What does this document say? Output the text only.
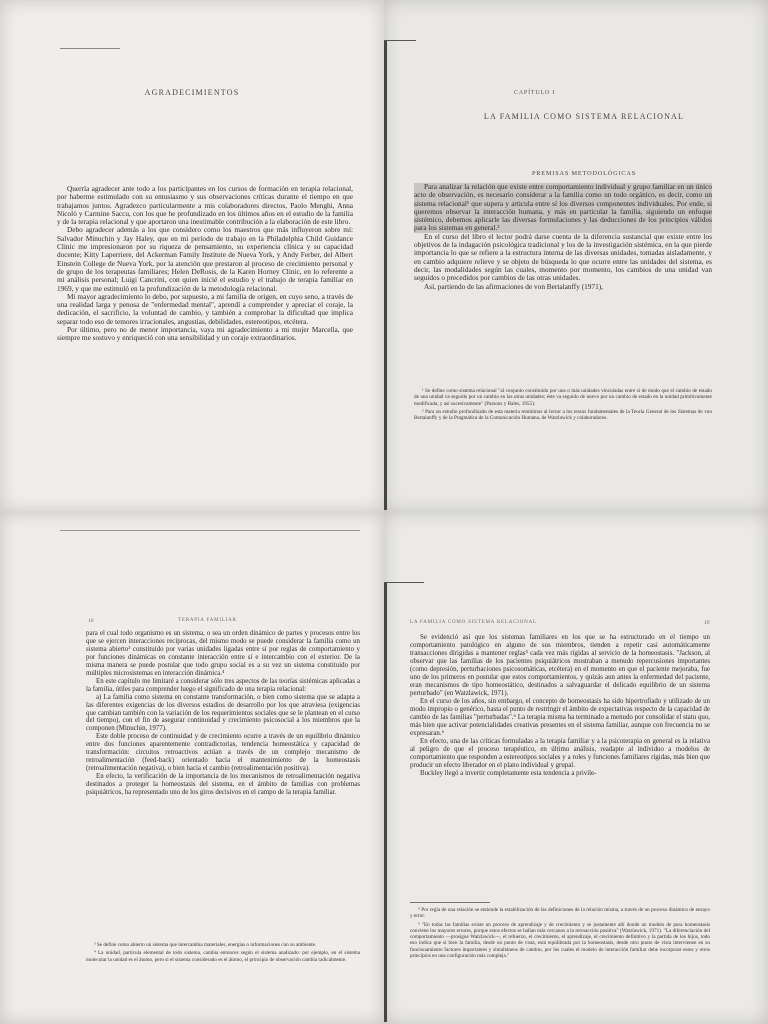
AGRADECIMIENTOS

Querría agradecer ante todo a los participantes en los cursos de formación en terapia relacional, por haberme estimulado con su entusiasmo y sus observaciones críticas durante el tiempo en que trabajamos juntos. Agradezco particularmente a mis colaboradores directos, Paolo Menghi, Anna Nicolò y Carmine Saccu, con los que he profundizado en los últimos años en el estudio de la familia y de la terapia relacional y que aportaron una inestimable contribución a la elaboración de este libro.

Debo agradecer además a los que considero como los maestros que más influyeron sobre mí: Salvador Minuchin y Jay Haley, que en mi período de trabajo en la Philadelphia Child Guidance Clinic me impresionaron por su riqueza de pensamiento, su experiencia clínica y su capacidad docente; Kitty Laperriere, del Ackerman Family Institute de Nueva York, y Andy Ferber, del Albert Einstein College de Nueva York, por la atención que prestaron al proceso de crecimiento personal y de grupo de los terapeutas familiares; Helen DeRosis, de la Karen Horney Clinic, en lo referente a mi análisis personal; Luigi Cancrini, con quien inicié el estudio y el trabajo de terapia familiar en 1969, y que me estimuló en la profundización de la metodología relacional.

Mi mayor agradecimiento lo debo, por supuesto, a mi familia de origen, en cuyo seno, a través de una realidad larga y penosa de "enfermedad mental", aprendí a comprender y apreciar el coraje, la dedicación, el sacrificio, la voluntad de cambio, y también a comprobar la dificultad que implica separar todo eso de temores irracionales, angustias, debilidades, estereotipos, etcétera.

Por último, pero no de menor importancia, vaya mi agradecimiento a mi mujer Marcella, que siempre me sostuvo y enriqueció con una sensibilidad y un coraje extraordinarios.

CAPÍTULO I
LA FAMILIA COMO SISTEMA RELACIONAL
PREMISAS METODOLÓGICAS

Para analizar la relación que existe entre comportamiento individual y grupo familiar en un único acto de observación, es necesario considerar a la familia como un todo orgánico, es decir, como un sistema relacional¹ que supera y articula entre sí los diversos componentes individuales. Por ende, si queremos observar la interacción humana, y más en particular la familia, siguiendo un enfoque sistémico, debemos aplicarle las diversas formulaciones y las deducciones de los principios válidos para los sistemas en general.²

En el curso del libro el lector podrá darse cuenta de la diferencia sustancial que existe entre los objetivos de la indagación psicológica tradicional y los de la investigación sistémica, en la que pierde importancia lo que se refiere a la estructura interna de las diversas unidades, tomadas aisladamente, y en cambio adquiere relieve y se objeto de búsqueda lo que ocurre entre las unidades del sistema, es decir, las modalidades según las cuales, momento por momento, los cambios de una unidad van seguidos o precedidos por cambios de las otras unidades.

Así, partiendo de las afirmaciones de von Bertalanffy (1971),

¹ Se define como sistema relacional "al conjunto constituido por una o más unidades vinculadas entre sí de modo que el cambio de estado de una unidad va seguido por un cambio en las otras unidades; éste va seguido de nuevo por un cambio de estado en la unidad primitivamente modificada, y así sucesivamente" (Parsons y Bales, 1955).

² Para un estudio profundizado de esta materia remitimos al lector a los textos fundamentales de la Teoría General de los Sistemas de von Bertalanffy y de la Pragmática de la Comunicación Humana, de Watzlawick y colaboradores.

16	TERAPIA FAMILIAR

para el cual todo organismo es un sistema, o sea un orden dinámico de partes y procesos entre los que se ejercen interacciones recíprocas, del mismo modo se puede considerar la familia como un sistema abierto³ constituido por varias unidades ligadas entre sí por reglas de comportamiento y por funciones dinámicas en constante interacción entre sí e intercambio con el exterior. De la misma manera se puede postular que todo grupo social es a su vez un sistema constituido por múltiples microsistemas en interacción dinámica.⁴

En este capítulo me limitaré a considerar sólo tres aspectos de las teorías sistémicas aplicadas a la familia, útiles para comprender luego el significado de una terapia relacional:

a) La familia como sistema en constante transformación, o bien como sistema que se adapta a las diferentes exigencias de los diversos estadios de desarrollo por los que atraviesa (exigencias que cambian también con la variación de los requerimientos sociales que se le plantean en el curso del tiempo), con el fin de asegurar continuidad y crecimiento psicosocial a los miembros que la componen (Minuchin, 1977).

Este doble proceso de continuidad y de crecimiento ocurre a través de un equilibrio dinámico entre dos funciones aparentemente contradictorias, tendencia homeostática y capacidad de transformación: circuitos retroactivos actúan a través de un complejo mecanismo de retroalimentación (feed-back) orientado hacia el mantenimiento de la homeostasis (retroalimentación negativa), o bien hacia el cambio (retroalimentación positiva).

En efecto, la verificación de la importancia de los mecanismos de retroalimentación negativa destinados a proteger la homeostasis del sistema, en el ámbito de familias con problemas psiquiátricos, ha representado uno de los giros decisivos en el campo de la terapia familiar.

³ Se define como abierto un sistema que intercambia materiales, energías o informaciones con su ambiente.

⁴ La unidad, partícula elemental de todo sistema, cambia entonces según el sistema analizado: por ejemplo, en el sistema molecular la unidad es el átomo, pero si el sistema considerado es el átomo, el principio de observación cambia radicalmente.

LA FAMILIA COMO SISTEMA RELACIONAL	19

Se evidenció así que los sistemas familiares en los que se ha estructurado en el tiempo un comportamiento patológico en alguno de sus miembros, tienden a repetir casi automáticamente transacciones dirigidas a mantener reglas⁵ cada vez más rígidas al servicio de la homeostasis. "Jackson, al observar que las familias de los pacientes psiquiátricos mostraban a menudo repercusiones importantes (como depresión, perturbaciones psicosomáticas, etcétera) en el momento en que el paciente mejoraba, fue uno de los primeros en postular que estos comportamientos, y quizás aun antes la enfermedad del paciente, eran mecanismos de tipo homeostático, destinados a salvaguardar el delicado equilibrio de un sistema perturbado" (en Watzlawick, 1971).

En el curso de los años, sin embargo, el concepto de homeostasis ha sido hipertrofiado y utilizado de un modo impropio o genérico, hasta el punto de restringir el ámbito de expectativas respecto de la capacidad de cambio de las familias "perturbadas".⁶ La terapia misma ha terminado a menudo por consolidar el statu quo, más bien que activar potencialidades creativas presentes en el sistema familiar, aunque con frecuencia no se expresaran.⁶

En efecto, una de las críticas formuladas a la terapia familiar y a la psicoterapia en general es la relativa al peligro de que el proceso terapéutico, en último análisis, readapte al individuo a modelos de comportamiento que responden a estereotipos sociales y a roles y funciones familiares rígidas, más bien que producir un efecto liberador en el plano individual y grupal.

Buckley llegó a invertir completamente esta tendencia a privile-

⁵ Por regla de una relación se entiende la estabilización de las definiciones de la relación misma, a través de un proceso dinámico de ensayo y error.

⁶ "En todas las familias existe un proceso de aprendizaje y de crecimiento y se justamente allí donde un modelo de pura homeostasis conviene los mayores errores, porque estos efectos se hallan más cercanos a la retroacción positiva" (Watzlawick, 1971). "La diferenciación del comportamiento —prosigue Watzlawick—, el refuerzo, el crecimiento, el aprendizaje, el crecimiento definitivo y la partida de los hijos, todo eso indica que si bien la familia, desde un punto de vista, está equilibrada por la homeostasis, desde otro punto de vista intervienen en su funcionamiento factores importantes y simultáneos de cambio, por los cuales el modelo de interacción familiar debe incorporar estos y otros principios en una configuración más compleja."
